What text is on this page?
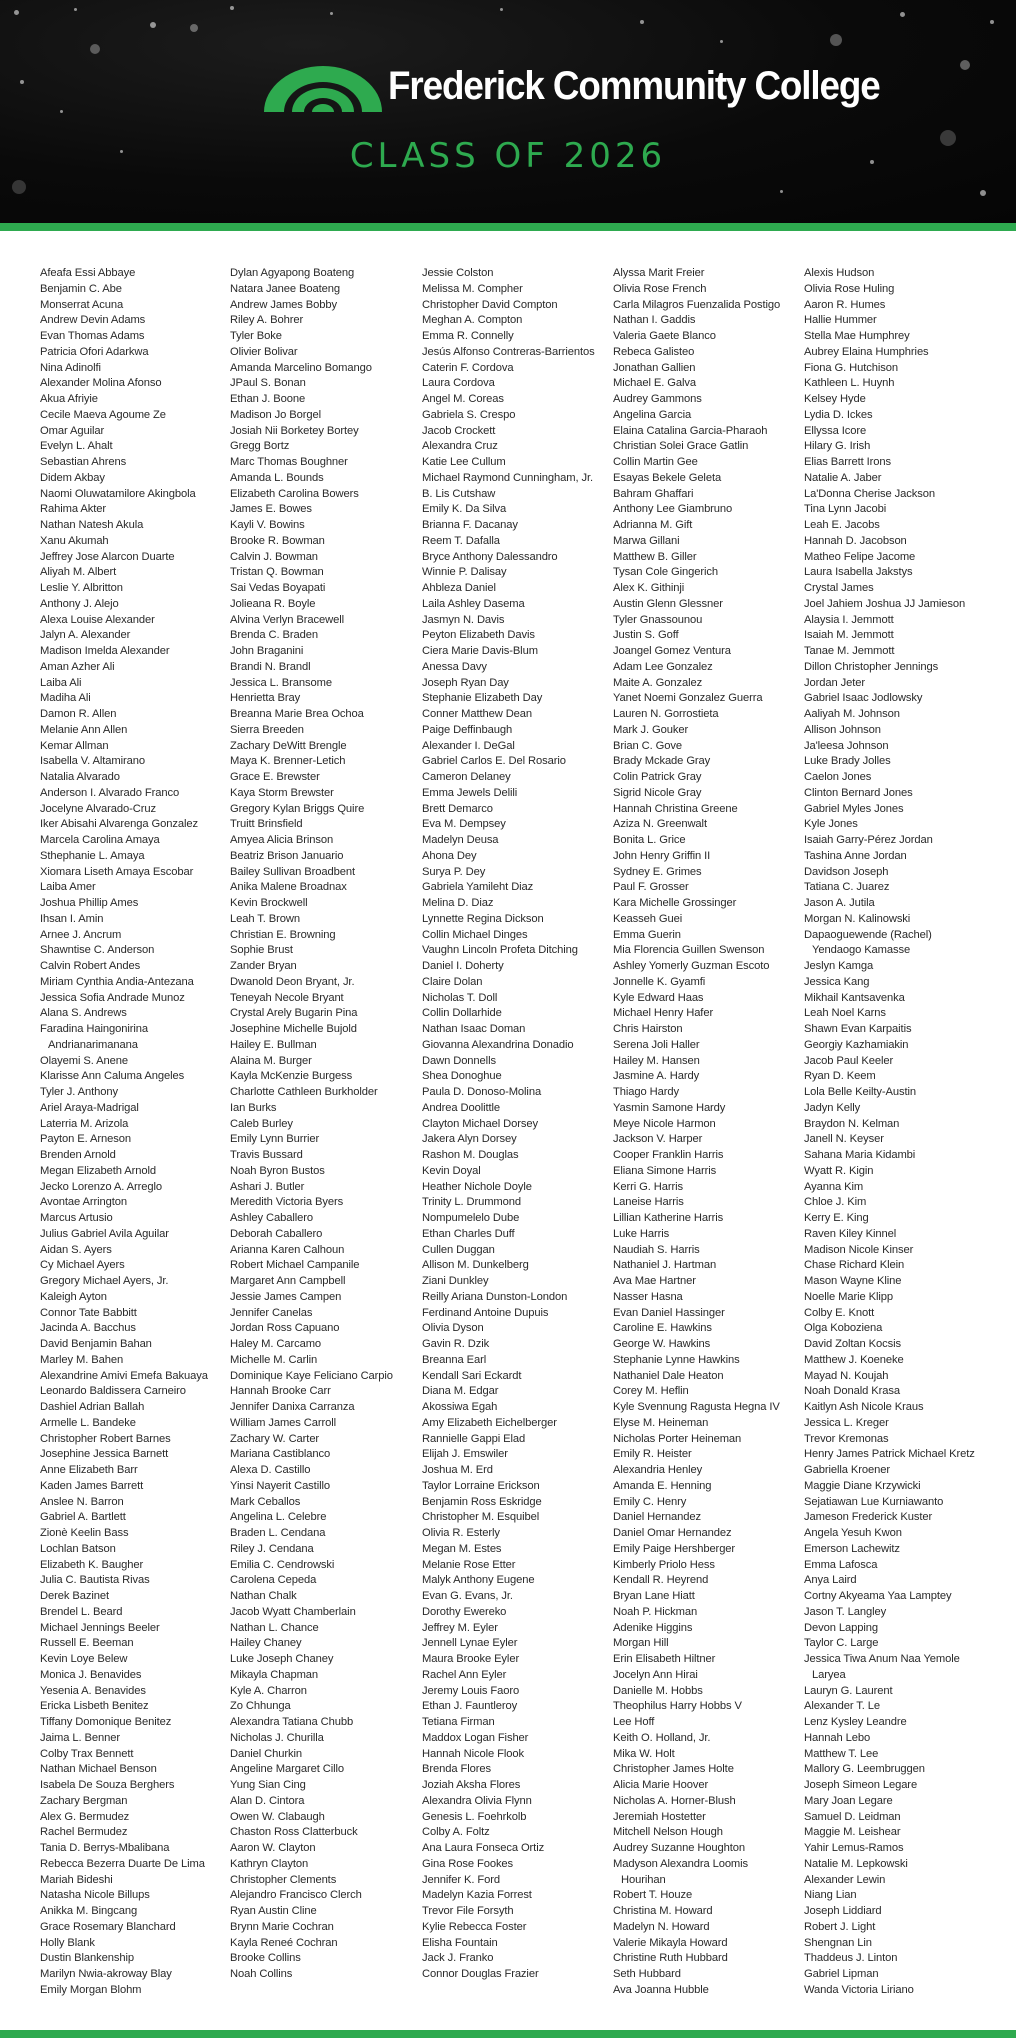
Frederick Community College
CLASS OF 2026
Afeafa Essi Abbaye
Benjamin C. Abe
Monserrat Acuna
Andrew Devin Adams
Evan Thomas Adams
Patricia Ofori Adarkwa
Nina Adinolfi
Alexander Molina Afonso
Akua Afriyie
Cecile Maeva Agoume Ze
Omar Aguilar
Evelyn L. Ahalt
Sebastian Ahrens
Didem Akbay
Naomi Oluwatamilore Akingbola
Rahima Akter
Nathan Natesh Akula
Xanu Akumah
Jeffrey Jose Alarcon Duarte
Aliyah M. Albert
Leslie Y. Albritton
Anthony J. Alejo
Alexa Louise Alexander
Jalyn A. Alexander
Madison Imelda Alexander
Aman Azher Ali
Laiba Ali
Madiha Ali
Damon R. Allen
Melanie Ann Allen
Kemar Allman
Isabella V. Altamirano
Natalia Alvarado
Anderson I. Alvarado Franco
Jocelyne Alvarado-Cruz
Iker Abisahi Alvarenga Gonzalez
Marcela Carolina Amaya
Sthephanie L. Amaya
Xiomara Liseth Amaya Escobar
Laiba Amer
Joshua Phillip Ames
Ihsan I. Amin
Arnee J. Ancrum
Shawntise C. Anderson
Calvin Robert Andes
Miriam Cynthia Andia-Antezana
Jessica Sofia Andrade Munoz
Alana S. Andrews
Faradina Haingonirina
Andrianarimanana
Olayemi S. Anene
Klarisse Ann Caluma Angeles
Tyler J. Anthony
Ariel Araya-Madrigal
Laterria M. Arizola
Payton E. Arneson
Brenden Arnold
Megan Elizabeth Arnold
Jecko Lorenzo A. Arreglo
Avontae Arrington
Marcus Artusio
Julius Gabriel Avila Aguilar
Aidan S. Ayers
Cy Michael Ayers
Gregory Michael Ayers, Jr.
Kaleigh Ayton
Connor Tate Babbitt
Jacinda A. Bacchus
David Benjamin Bahan
Marley M. Bahen
Alexandrine Amivi Emefa Bakuaya
Leonardo Baldissera Carneiro
Dashiel Adrian Ballah
Armelle L. Bandeke
Christopher Robert Barnes
Josephine Jessica Barnett
Anne Elizabeth Barr
Kaden James Barrett
Anslee N. Barron
Gabriel A. Bartlett
Zionè Keelin Bass
Lochlan Batson
Elizabeth K. Baugher
Julia C. Bautista Rivas
Derek Bazinet
Brendel L. Beard
Michael Jennings Beeler
Russell E. Beeman
Kevin Loye Belew
Monica J. Benavides
Yesenia A. Benavides
Ericka Lisbeth Benitez
Tiffany Domonique Benitez
Jaima L. Benner
Colby Trax Bennett
Nathan Michael Benson
Isabela De Souza Berghers
Zachary Bergman
Alex G. Bermudez
Rachel Bermudez
Tania D. Berrys-Mbalibana
Rebecca Bezerra Duarte De Lima
Mariah Bideshi
Natasha Nicole Billups
Anikka M. Bingcang
Grace Rosemary Blanchard
Holly Blank
Dustin Blankenship
Marilyn Nwia-akroway Blay
Emily Morgan Blohm
Dylan Agyapong Boateng
Natara Janee Boateng
Andrew James Bobby
Riley A. Bohrer
Tyler Boke
Olivier Bolivar
Amanda Marcelino Bomango
JPaul S. Bonan
Ethan J. Boone
Madison Jo Borgel
Josiah Nii Borketey Bortey
Gregg Bortz
Marc Thomas Boughner
Amanda L. Bounds
Elizabeth Carolina Bowers
James E. Bowes
Kayli V. Bowins
Brooke R. Bowman
Calvin J. Bowman
Tristan Q. Bowman
Sai Vedas Boyapati
Jolieana R. Boyle
Alvina Verlyn Bracewell
Brenda C. Braden
John Braganini
Brandi N. Brandl
Jessica L. Bransome
Henrietta Bray
Breanna Marie Brea Ochoa
Sierra Breeden
Zachary DeWitt Brengle
Maya K. Brenner-Letich
Grace E. Brewster
Kaya Storm Brewster
Gregory Kylan Briggs Quire
Truitt Brinsfield
Amyea Alicia Brinson
Beatriz Brison Januario
Bailey Sullivan Broadbent
Anika Malene Broadnax
Kevin Brockwell
Leah T. Brown
Christian E. Browning
Sophie Brust
Zander Bryan
Dwanold Deon Bryant, Jr.
Teneyah Necole Bryant
Crystal Arely Bugarin Pina
Josephine Michelle Bujold
Hailey E. Bullman
Alaina M. Burger
Kayla McKenzie Burgess
Charlotte Cathleen Burkholder
Ian Burks
Caleb Burley
Emily Lynn Burrier
Travis Bussard
Noah Byron Bustos
Ashari J. Butler
Meredith Victoria Byers
Ashley Caballero
Deborah Caballero
Arianna Karen Calhoun
Robert Michael Campanile
Margaret Ann Campbell
Jessie James Campen
Jennifer Canelas
Jordan Ross Capuano
Haley M. Carcamo
Michelle M. Carlin
Dominique Kaye Feliciano Carpio
Hannah Brooke Carr
Jennifer Danixa Carranza
William James Carroll
Zachary W. Carter
Mariana Castiblanco
Alexa D. Castillo
Yinsi Nayerit Castillo
Mark Ceballos
Angelina L. Celebre
Braden L. Cendana
Riley J. Cendana
Emilia C. Cendrowski
Carolena Cepeda
Nathan Chalk
Jacob Wyatt Chamberlain
Nathan L. Chance
Hailey Chaney
Luke Joseph Chaney
Mikayla Chapman
Kyle A. Charron
Zo Chhunga
Alexandra Tatiana Chubb
Nicholas J. Churilla
Daniel Churkin
Angeline Margaret Cillo
Yung Sian Cing
Alan D. Cintora
Owen W. Clabaugh
Chaston Ross Clatterbuck
Aaron W. Clayton
Kathryn Clayton
Christopher Clements
Alejandro Francisco Clerch
Ryan Austin Cline
Brynn Marie Cochran
Kayla Reneé Cochran
Brooke Collins
Noah Collins
Jessie Colston
Melissa M. Compher
Christopher David Compton
Meghan A. Compton
Emma R. Connelly
Jesús Alfonso Contreras-Barrientos
Caterin F. Cordova
Laura Cordova
Angel M. Coreas
Gabriela S. Crespo
Jacob Crockett
Alexandra Cruz
Katie Lee Cullum
Michael Raymond Cunningham, Jr.
B. Lis Cutshaw
Emily K. Da Silva
Brianna F. Dacanay
Reem T. Dafalla
Bryce Anthony Dalessandro
Winnie P. Dalisay
Ahbleza Daniel
Laila Ashley Dasema
Jasmyn N. Davis
Peyton Elizabeth Davis
Ciera Marie Davis-Blum
Anessa Davy
Joseph Ryan Day
Stephanie Elizabeth Day
Conner Matthew Dean
Paige Deffinbaugh
Alexander I. DeGal
Gabriel Carlos E. Del Rosario
Cameron Delaney
Emma Jewels Delili
Brett Demarco
Eva M. Dempsey
Madelyn Deusa
Ahona Dey
Surya P. Dey
Gabriela Yamileht Diaz
Melina D. Diaz
Lynnette Regina Dickson
Collin Michael Dinges
Vaughn Lincoln Profeta Ditching
Daniel I. Doherty
Claire Dolan
Nicholas T. Doll
Collin Dollarhide
Nathan Isaac Doman
Giovanna Alexandrina Donadio
Dawn Donnells
Shea Donoghue
Paula D. Donoso-Molina
Andrea Doolittle
Clayton Michael Dorsey
Jakera Alyn Dorsey
Rashon M. Douglas
Kevin Doyal
Heather Nichole Doyle
Trinity L. Drummond
Nompumelelo Dube
Ethan Charles Duff
Cullen Duggan
Allison M. Dunkelberg
Ziani Dunkley
Reilly Ariana Dunston-London
Ferdinand Antoine Dupuis
Olivia Dyson
Gavin R. Dzik
Breanna Earl
Kendall Sari Eckardt
Diana M. Edgar
Akossiwa Egah
Amy Elizabeth Eichelberger
Rannielle Gappi Elad
Elijah J. Emswiler
Joshua M. Erd
Taylor Lorraine Erickson
Benjamin Ross Eskridge
Christopher M. Esquibel
Olivia R. Esterly
Megan M. Estes
Melanie Rose Etter
Malyk Anthony Eugene
Evan G. Evans, Jr.
Dorothy Ewereko
Jeffrey M. Eyler
Jennell Lynae Eyler
Maura Brooke Eyler
Rachel Ann Eyler
Jeremy Louis Faoro
Ethan J. Fauntleroy
Tetiana Firman
Maddox Logan Fisher
Hannah Nicole Flook
Brenda Flores
Joziah Aksha Flores
Alexandra Olivia Flynn
Genesis L. Foehrkolb
Colby A. Foltz
Ana Laura Fonseca Ortiz
Gina Rose Fookes
Jennifer K. Ford
Madelyn Kazia Forrest
Trevor File Forsyth
Kylie Rebecca Foster
Elisha Fountain
Jack J. Franko
Connor Douglas Frazier
Alyssa Marit Freier
Olivia Rose French
Carla Milagros Fuenzalida Postigo
Nathan I. Gaddis
Valeria Gaete Blanco
Rebeca Galisteo
Jonathan Gallien
Michael E. Galva
Audrey Gammons
Angelina Garcia
Elaina Catalina Garcia-Pharaoh
Christian Solei Grace Gatlin
Collin Martin Gee
Esayas Bekele Geleta
Bahram Ghaffari
Anthony Lee Giambruno
Adrianna M. Gift
Marwa Gillani
Matthew B. Giller
Tysan Cole Gingerich
Alex K. Githinji
Austin Glenn Glessner
Tyler Gnassounou
Justin S. Goff
Joangel Gomez Ventura
Adam Lee Gonzalez
Maite A. Gonzalez
Yanet Noemi Gonzalez Guerra
Lauren N. Gorrostieta
Mark J. Gouker
Brian C. Gove
Brady Mckade Gray
Colin Patrick Gray
Sigrid Nicole Gray
Hannah Christina Greene
Aziza N. Greenwalt
Bonita L. Grice
John Henry Griffin II
Sydney E. Grimes
Paul F. Grosser
Kara Michelle Grossinger
Keasseh Guei
Emma Guerin
Mia Florencia Guillen Swenson
Ashley Yomerly Guzman Escoto
Jonnelle K. Gyamfi
Kyle Edward Haas
Michael Henry Hafer
Chris Hairston
Serena Joli Haller
Hailey M. Hansen
Jasmine A. Hardy
Thiago Hardy
Yasmin Samone Hardy
Meye Nicole Harmon
Jackson V. Harper
Cooper Franklin Harris
Eliana Simone Harris
Kerri G. Harris
Laneise Harris
Lillian Katherine Harris
Luke Harris
Naudiah S. Harris
Nathaniel J. Hartman
Ava Mae Hartner
Nasser Hasna
Evan Daniel Hassinger
Caroline E. Hawkins
George W. Hawkins
Stephanie Lynne Hawkins
Nathaniel Dale Heaton
Corey M. Heflin
Kyle Svennung Ragusta Hegna IV
Elyse M. Heineman
Nicholas Porter Heineman
Emily R. Heister
Alexandria Henley
Amanda E. Henning
Emily C. Henry
Daniel Hernandez
Daniel Omar Hernandez
Emily Paige Hershberger
Kimberly Priolo Hess
Kendall R. Heyrend
Bryan Lane Hiatt
Noah P. Hickman
Adenike Higgins
Morgan Hill
Erin Elisabeth Hiltner
Jocelyn Ann Hirai
Danielle M. Hobbs
Theophilus Harry Hobbs V
Lee Hoff
Keith O. Holland, Jr.
Mika W. Holt
Christopher James Holte
Alicia Marie Hoover
Nicholas A. Horner-Blush
Jeremiah Hostetter
Mitchell Nelson Hough
Audrey Suzanne Houghton
Madyson Alexandra Loomis
Hourihan
Robert T. Houze
Christina M. Howard
Madelyn N. Howard
Valerie Mikayla Howard
Christine Ruth Hubbard
Seth Hubbard
Ava Joanna Hubble
Alexis Hudson
Olivia Rose Huling
Aaron R. Humes
Hallie Hummer
Stella Mae Humphrey
Aubrey Elaina Humphries
Fiona G. Hutchison
Kathleen L. Huynh
Kelsey Hyde
Lydia D. Ickes
Ellyssa Icore
Hilary G. Irish
Elias Barrett Irons
Natalie A. Jaber
La'Donna Cherise Jackson
Tina Lynn Jacobi
Leah E. Jacobs
Hannah D. Jacobson
Matheo Felipe Jacome
Laura Isabella Jakstys
Crystal James
Joel Jahiem Joshua JJ Jamieson
Alaysia I. Jemmott
Isaiah M. Jemmott
Tanae M. Jemmott
Dillon Christopher Jennings
Jordan Jeter
Gabriel Isaac Jodlowsky
Aaliyah M. Johnson
Allison Johnson
Ja'leesa Johnson
Luke Brady Jolles
Caelon Jones
Clinton Bernard Jones
Gabriel Myles Jones
Kyle Jones
Isaiah Garry-Pérez Jordan
Tashina Anne Jordan
Davidson Joseph
Tatiana C. Juarez
Jason A. Jutila
Morgan N. Kalinowski
Dapaoguewende (Rachel)
Yendaogo Kamasse
Jeslyn Kamga
Jessica Kang
Mikhail Kantsavenka
Leah Noel Karns
Shawn Evan Karpaitis
Georgiy Kazhamiakin
Jacob Paul Keeler
Ryan D. Keem
Lola Belle Keilty-Austin
Jadyn Kelly
Braydon N. Kelman
Janell N. Keyser
Sahana Maria Kidambi
Wyatt R. Kigin
Ayanna Kim
Chloe J. Kim
Kerry E. King
Raven Kiley Kinnel
Madison Nicole Kinser
Chase Richard Klein
Mason Wayne Kline
Noelle Marie Klipp
Colby E. Knott
Olga Koboziena
David Zoltan Kocsis
Matthew J. Koeneke
Mayad N. Koujah
Noah Donald Krasa
Kaitlyn Ash Nicole Kraus
Jessica L. Kreger
Trevor Kremonas
Henry James Patrick Michael Kretz
Gabriella Kroener
Maggie Diane Krzywicki
Sejatiawan Lue Kurniawanto
Jameson Frederick Kuster
Angela Yesuh Kwon
Emerson Lachewitz
Emma Lafosca
Anya Laird
Cortny Akyeama Yaa Lamptey
Jason T. Langley
Devon Lapping
Taylor C. Large
Jessica Tiwa Anum Naa Yemole
Laryea
Lauryn G. Laurent
Alexander T. Le
Lenz Kysley Leandre
Hannah Lebo
Matthew T. Lee
Mallory G. Leembruggen
Joseph Simeon Legare
Mary Joan Legare
Samuel D. Leidman
Maggie M. Leishear
Yahir Lemus-Ramos
Natalie M. Lepkowski
Alexander Lewin
Niang Lian
Joseph Liddiard
Robert J. Light
Shengnan Lin
Thaddeus J. Linton
Gabriel Lipman
Wanda Victoria Liriano
